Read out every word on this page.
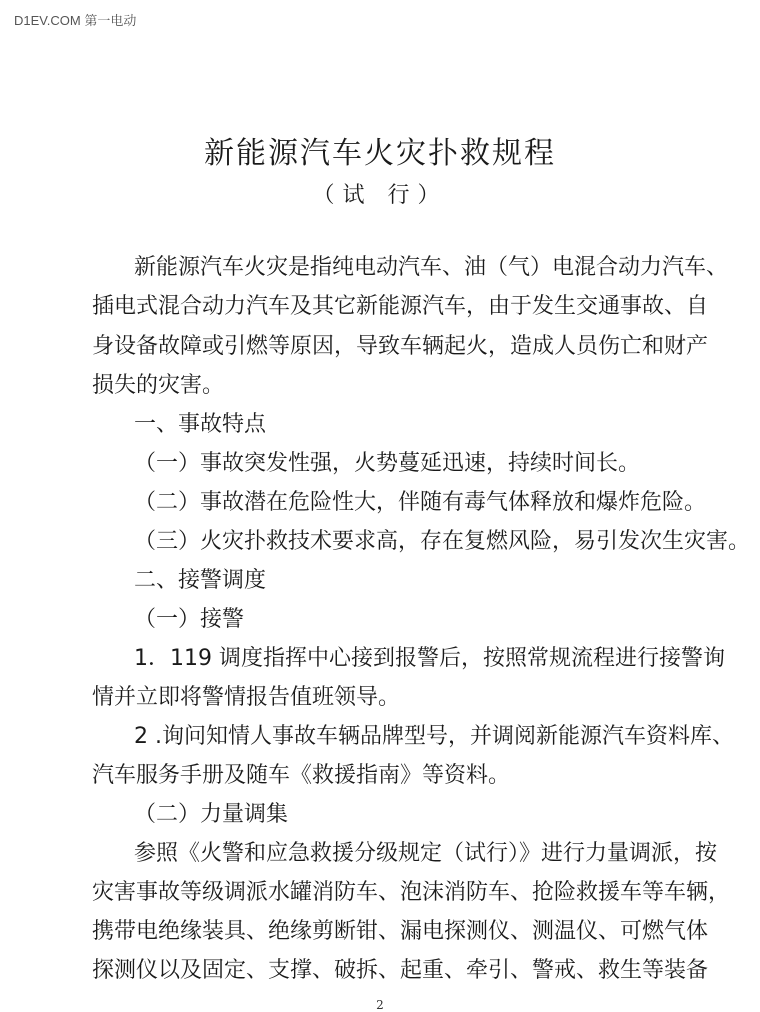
D1EV.COM 第一电动
新能源汽车火灾扑救规程
（试 行）
新能源汽车火灾是指纯电动汽车、油（气）电混合动力汽车、
插电式混合动力汽车及其它新能源汽车，由于发生交通事故、自
身设备故障或引燃等原因，导致车辆起火，造成人员伤亡和财产
损失的灾害。
一、事故特点
（一）事故突发性强，火势蔓延迅速，持续时间长。
（二）事故潜在危险性大，伴随有毒气体释放和爆炸危险。
（三）火灾扑救技术要求高，存在复燃风险，易引发次生灾害。
二、接警调度
（一）接警
1．119 调度指挥中心接到报警后，按照常规流程进行接警询
情并立即将警情报告值班领导。
2 .询问知情人事故车辆品牌型号，并调阅新能源汽车资料库、
汽车服务手册及随车《救援指南》等资料。
（二）力量调集
参照《火警和应急救援分级规定（试行）》进行力量调派，按
灾害事故等级调派水罐消防车、泡沫消防车、抢险救援车等车辆，
携带电绝缘装具、绝缘剪断钳、漏电探测仪、测温仪、可燃气体
探测仪以及固定、支撑、破拆、起重、牵引、警戒、救生等装备
2
